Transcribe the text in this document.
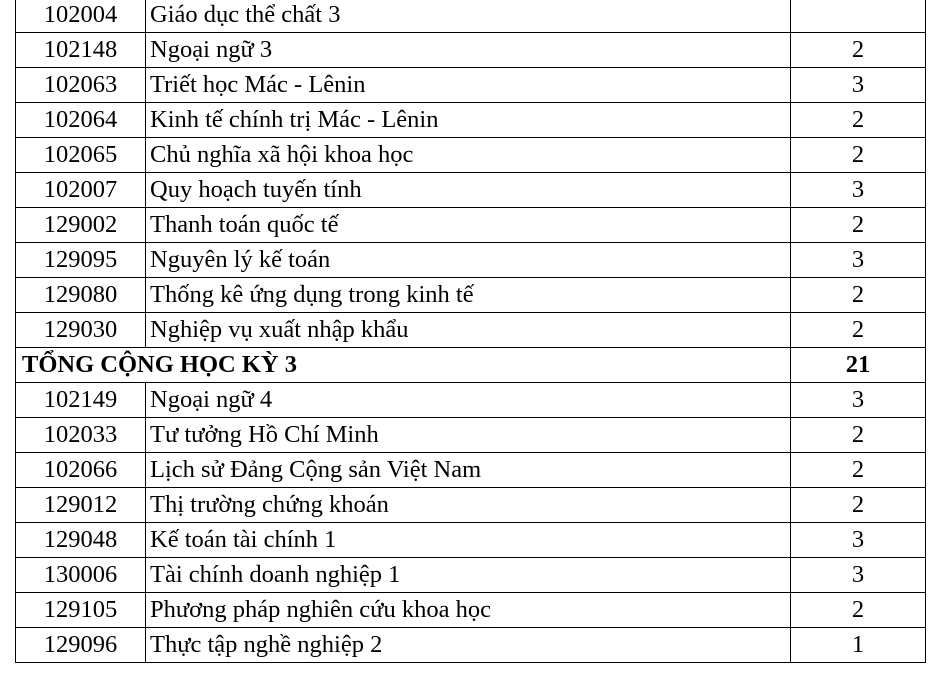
102004	Giáo dục thể chất 3	
102148	Ngoại ngữ 3	2
102063	Triết học Mác - Lênin	3
102064	Kinh tế chính trị Mác - Lênin	2
102065	Chủ nghĩa xã hội khoa học	2
102007	Quy hoạch tuyến tính	3
129002	Thanh toán quốc tế	2
129095	Nguyên lý kế toán	3
129080	Thống kê ứng dụng trong kinh tế	2
129030	Nghiệp vụ xuất nhập khẩu	2
TỔNG CỘNG HỌC KỲ 3		21
102149	Ngoại ngữ 4	3
102033	Tư tưởng Hồ Chí Minh	2
102066	Lịch sử Đảng Cộng sản Việt Nam	2
129012	Thị trường chứng khoán	2
129048	Kế toán tài chính 1	3
130006	Tài chính doanh nghiệp 1	3
129105	Phương pháp nghiên cứu khoa học	2
129096	Thực tập nghề nghiệp 2	1
